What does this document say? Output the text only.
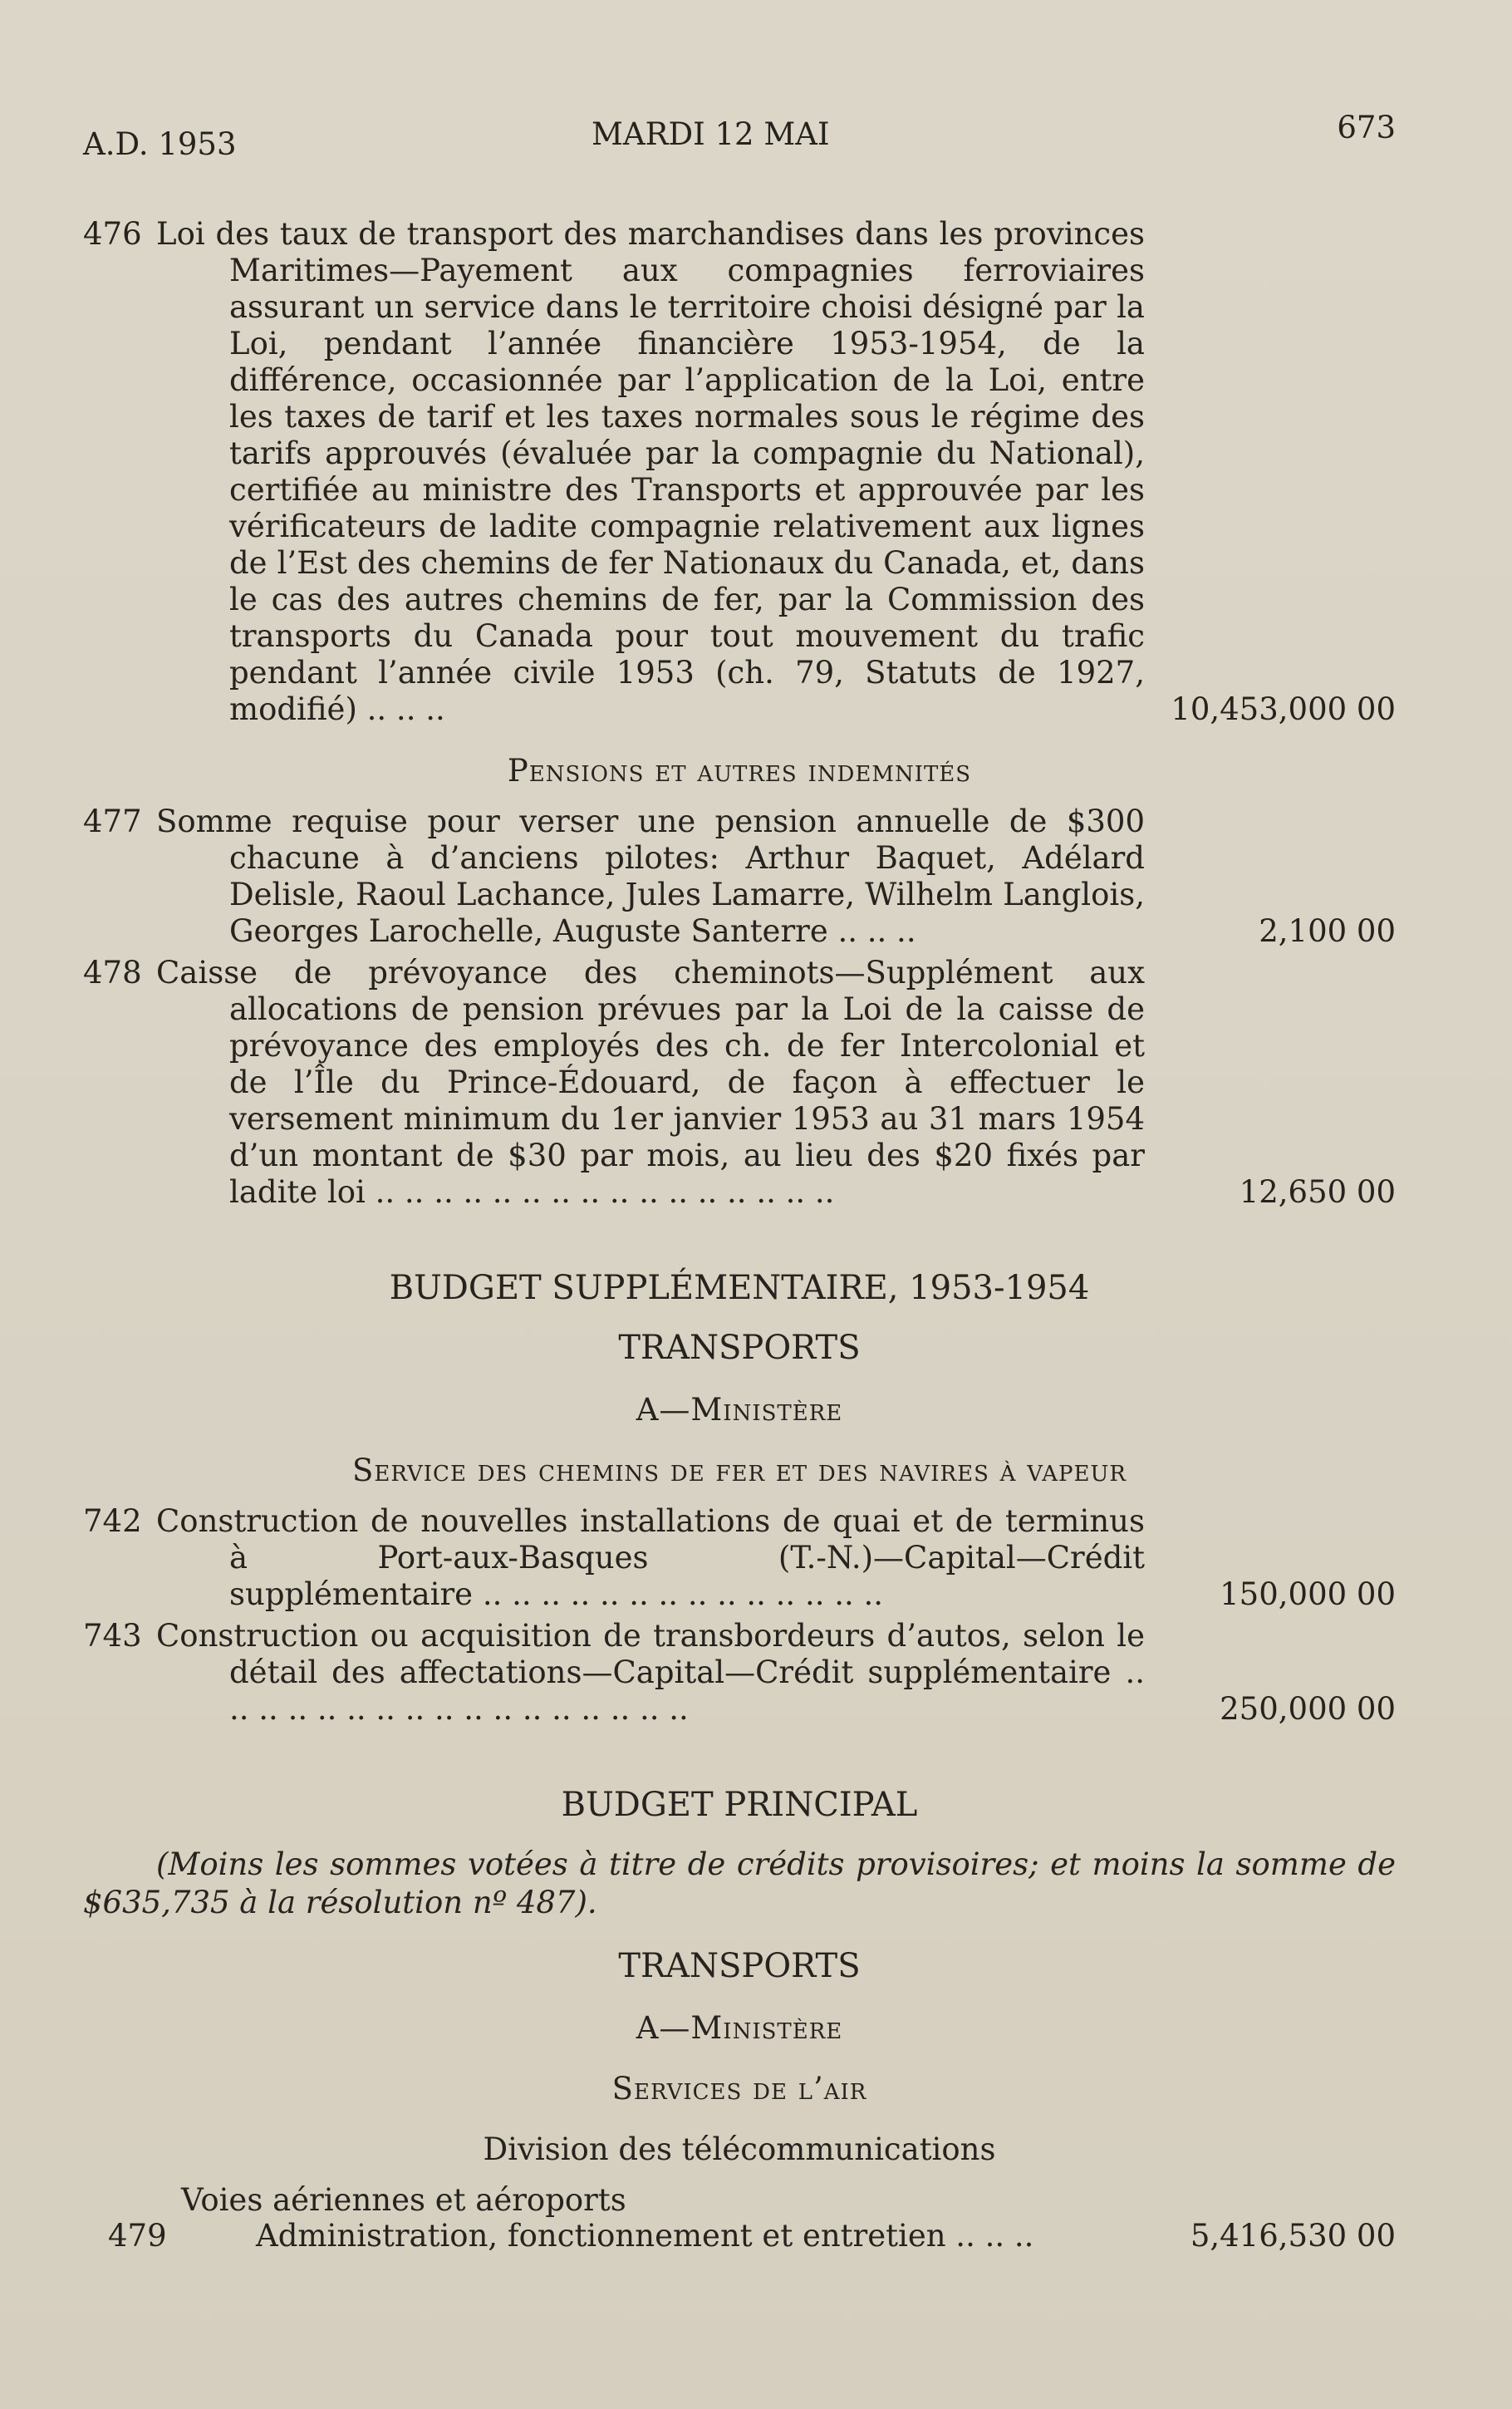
A.D. 1953	MARDI 12 MAI	673
476 Loi des taux de transport des marchandises dans les provinces Maritimes—Payement aux compagnies ferroviaires assurant un service dans le territoire choisi désigné par la Loi, pendant l’année financière 1953-1954, de la différence, occasionnée par l’application de la Loi, entre les taxes de tarif et les taxes normales sous le régime des tarifs approuvés (évaluée par la compagnie du National), certifiée au ministre des Transports et approuvée par les vérificateurs de ladite compagnie relativement aux lignes de l’Est des chemins de fer Nationaux du Canada, et, dans le cas des autres chemins de fer, par la Commission des transports du Canada pour tout mouvement du trafic pendant l’année civile 1953 (ch. 79, Statuts de 1927, modifié) .. .. ..	10,453,000 00
Pensions et autres indemnités
477 Somme requise pour verser une pension annuelle de $300 chacune à d’anciens pilotes: Arthur Baquet, Adélard Delisle, Raoul Lachance, Jules Lamarre, Wilhelm Langlois, Georges Larochelle, Auguste Santerre .. .. ..	2,100 00
478 Caisse de prévoyance des cheminots—Supplément aux allocations de pension prévues par la Loi de la caisse de prévoyance des employés des ch. de fer Intercolonial et de l’Île du Prince-Édouard, de façon à effectuer le versement minimum du 1er janvier 1953 au 31 mars 1954 d’un montant de $30 par mois, au lieu des $20 fixés par ladite loi .. .. .. .. .. .. .. .. .. .. .. .. .. .. .. ..	12,650 00
BUDGET SUPPLÉMENTAIRE, 1953-1954
TRANSPORTS
A—Ministère
Service des chemins de fer et des navires à vapeur
742 Construction de nouvelles installations de quai et de terminus à Port-aux-Basques (T.-N.)—Capital—Crédit supplémentaire .. .. .. .. .. .. .. .. .. .. .. .. .. ..	150,000 00
743 Construction ou acquisition de transbordeurs d’autos, selon le détail des affectations—Capital—Crédit supplémentaire .. .. .. .. .. .. .. .. .. .. .. .. .. .. .. .. ..	250,000 00
BUDGET PRINCIPAL
(Moins les sommes votées à titre de crédits provisoires; et moins la somme de $635,735 à la résolution nº 487).
TRANSPORTS
A—Ministère
Services de l’air
Division des télécommunications
Voies aériennes et aéroports
479	Administration, fonctionnement et entretien .. .. ..	5,416,530 00
